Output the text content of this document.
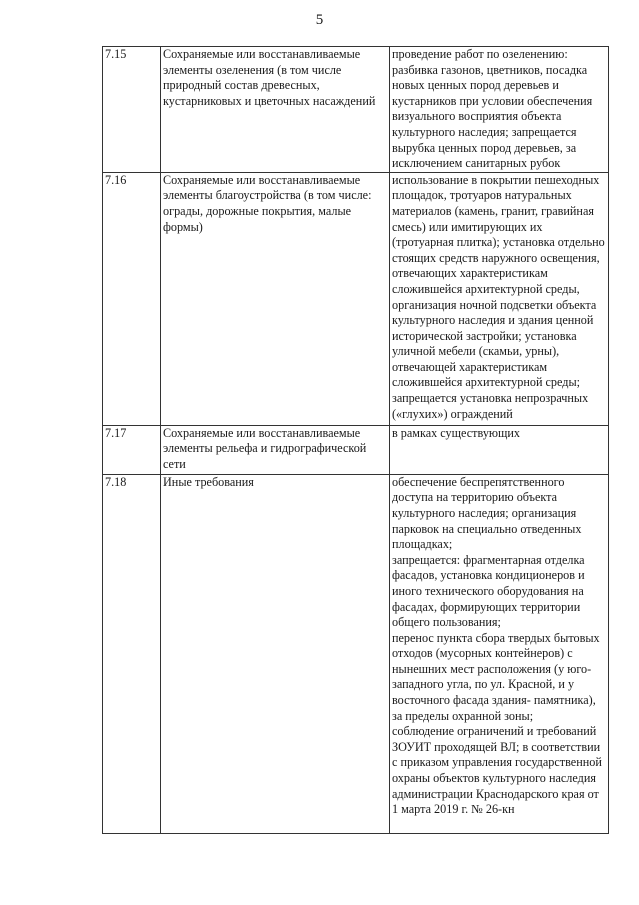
5
7.15	Сохраняемые или восстанавливаемые элементы озеленения (в том числе природный состав древесных, кустарниковых и цветочных насаждений	проведение работ по озеленению: разбивка газонов, цветников, посадка новых ценных пород деревьев и кустарников при условии обеспечения визуального восприятия объекта культурного наследия; запрещается вырубка ценных пород деревьев, за исключением санитарных рубок

7.16	Сохраняемые или восстанавливаемые элементы благоустройства (в том числе: ограды, дорожные покрытия, малые формы)	использование в покрытии пешеходных площадок, тротуаров натуральных материалов (камень, гранит, гравийная смесь) или имитирующих их (тротуарная плитка); установка отдельно стоящих средств наружного освещения, отвечающих характеристикам сложившейся архитектурной среды, организация ночной подсветки объекта культурного наследия и здания ценной исторической застройки; установка уличной мебели (скамьи, урны), отвечающей характеристикам сложившейся архитектурной среды; запрещается установка непрозрачных («глухих») ограждений

7.17	Сохраняемые или восстанавливаемые элементы рельефа и гидрографической сети	в рамках существующих

7.18	Иные требования	обеспечение беспрепятственного доступа на территорию объекта культурного наследия; организация парковок на специально отведенных площадках;
запрещается: фрагментарная отделка фасадов, установка кондиционеров и иного технического оборудования на фасадах, формирующих территории общего пользования;
перенос пункта сбора твердых бытовых отходов (мусорных контейнеров) с нынешних мест расположения (у юго-западного угла, по ул. Красной, и у восточного фасада здания- памятника), за пределы охранной зоны;
соблюдение ограничений и требований ЗОУИТ проходящей ВЛ; в соответствии с приказом управления государственной охраны объектов культурного наследия администрации Краснодарского края от 1 марта 2019 г. № 26-кн
